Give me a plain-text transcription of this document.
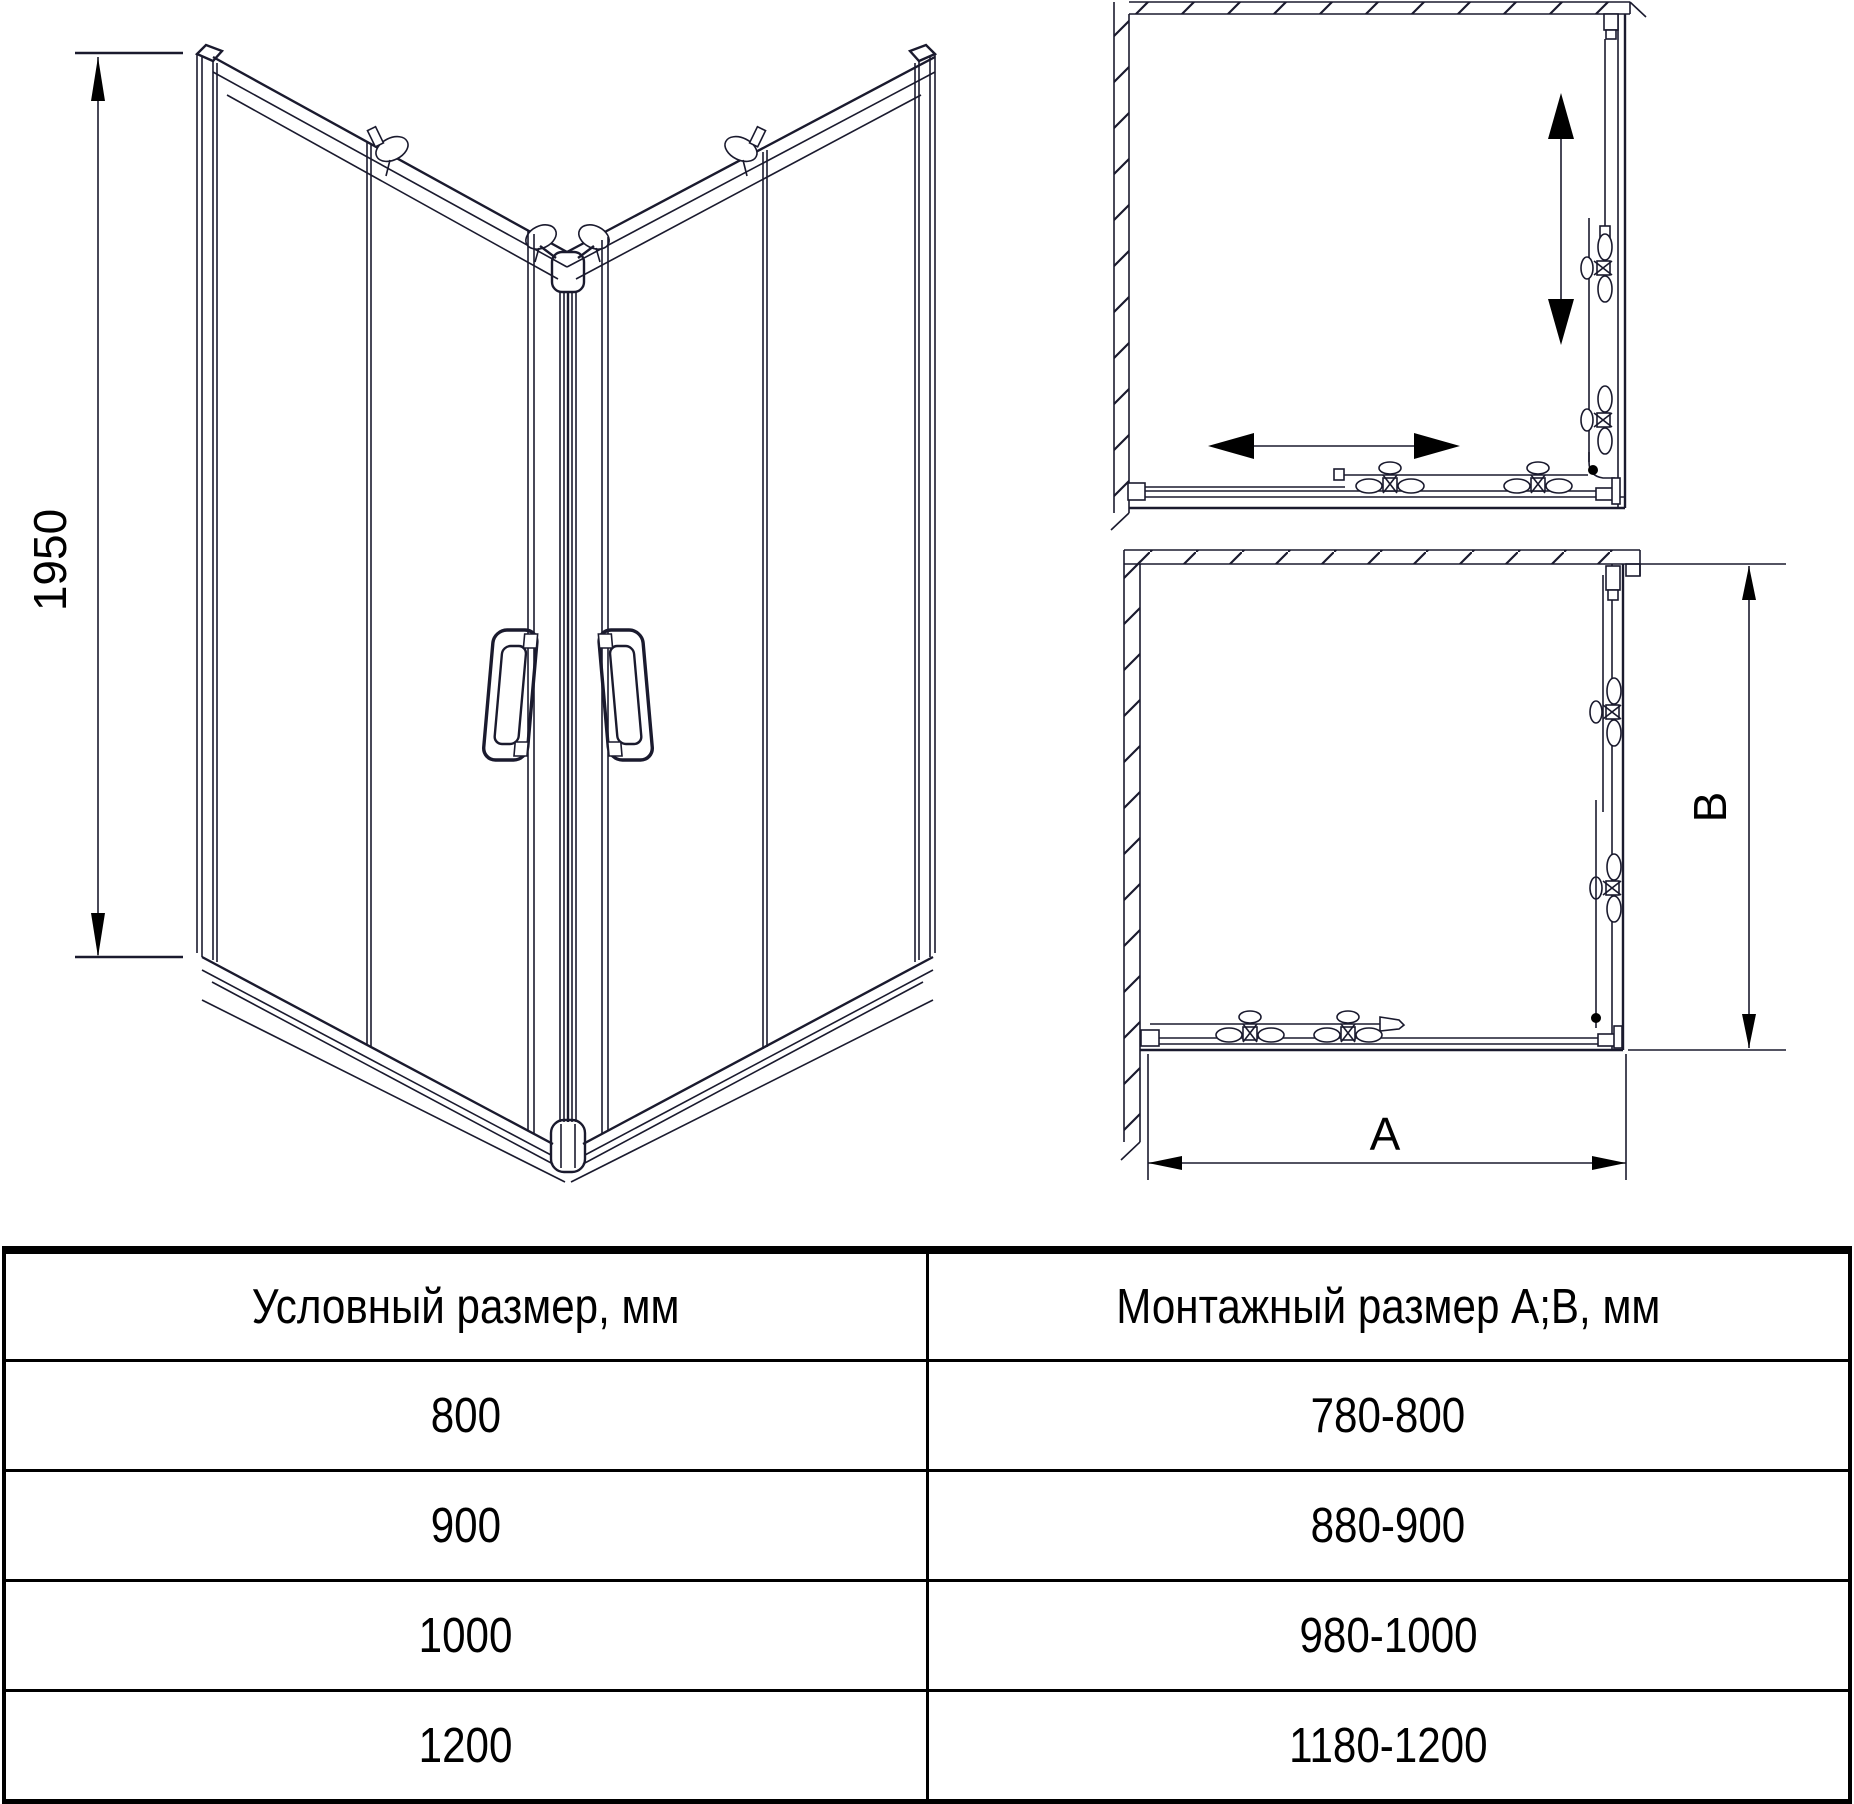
1950
A
B
Условный размер, мм	Монтажный размер А;В, мм
800	780-800
900	880-900
1000	980-1000
1200	1180-1200
